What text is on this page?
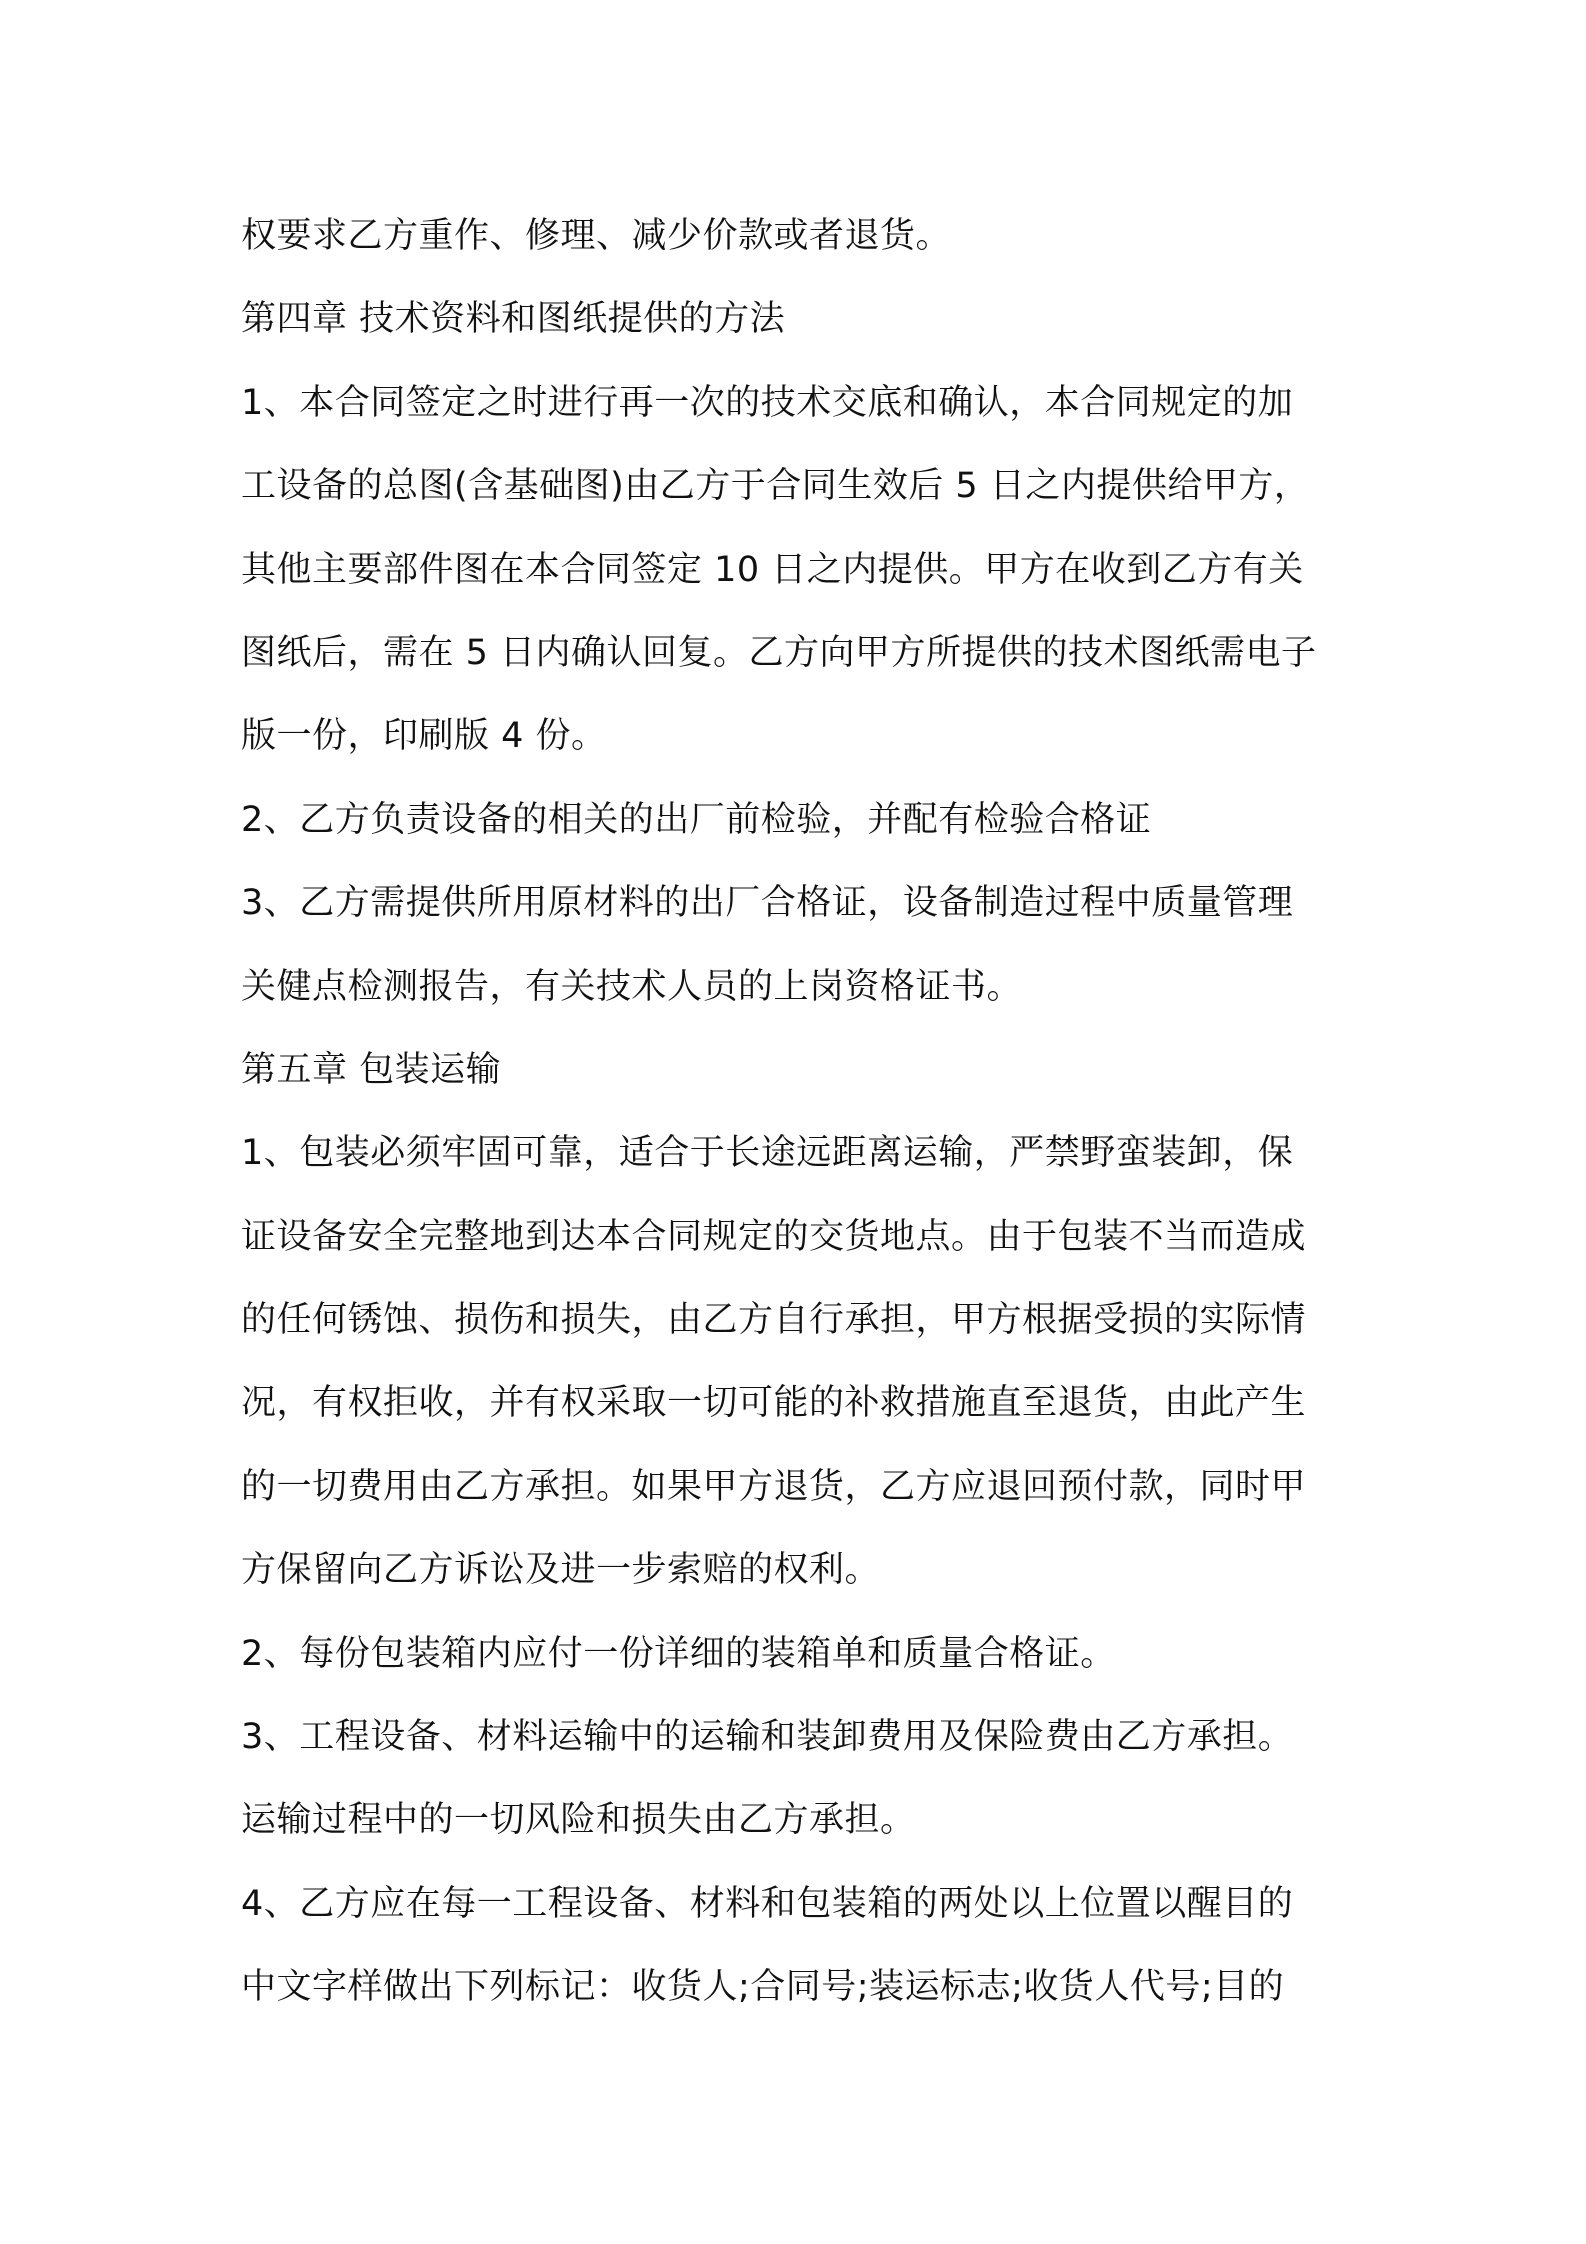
权要求乙方重作、修理、减少价款或者退货。
第四章 技术资料和图纸提供的方法
1、本合同签定之时进行再一次的技术交底和确认，本合同规定的加
工设备的总图(含基础图)由乙方于合同生效后 5 日之内提供给甲方，
其他主要部件图在本合同签定 10 日之内提供。甲方在收到乙方有关
图纸后，需在 5 日内确认回复。乙方向甲方所提供的技术图纸需电子
版一份，印刷版 4 份。
2、乙方负责设备的相关的出厂前检验，并配有检验合格证
3、乙方需提供所用原材料的出厂合格证，设备制造过程中质量管理
关健点检测报告，有关技术人员的上岗资格证书。
第五章 包装运输
1、包装必须牢固可靠，适合于长途远距离运输，严禁野蛮装卸，保
证设备安全完整地到达本合同规定的交货地点。由于包装不当而造成
的任何锈蚀、损伤和损失，由乙方自行承担，甲方根据受损的实际情
况，有权拒收，并有权采取一切可能的补救措施直至退货，由此产生
的一切费用由乙方承担。如果甲方退货，乙方应退回预付款，同时甲
方保留向乙方诉讼及进一步索赔的权利。
2、每份包装箱内应付一份详细的装箱单和质量合格证。
3、工程设备、材料运输中的运输和装卸费用及保险费由乙方承担。
运输过程中的一切风险和损失由乙方承担。
4、乙方应在每一工程设备、材料和包装箱的两处以上位置以醒目的
中文字样做出下列标记：收货人;合同号;装运标志;收货人代号;目的
